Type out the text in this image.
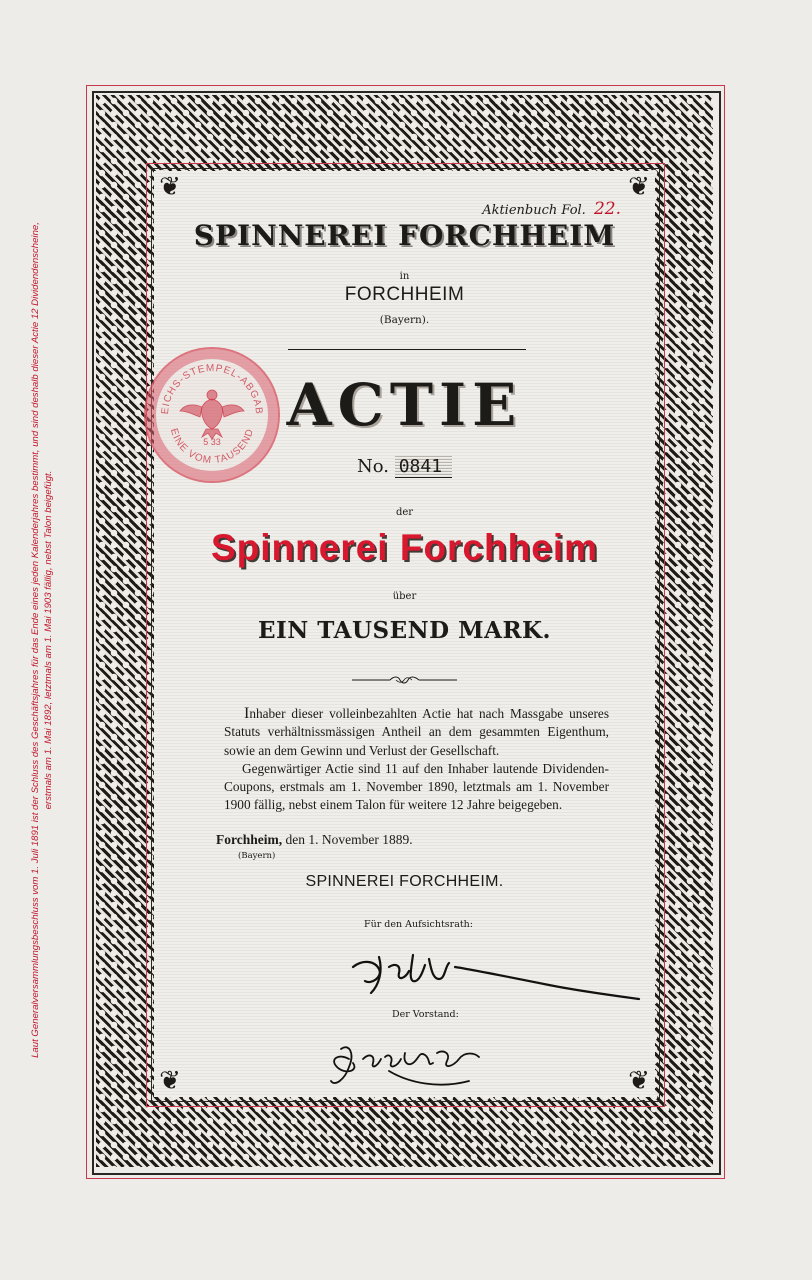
Laut Generalversammlungsbeschluss vom 1. Juli 1891 ist der Schluss des Geschäftsjahres für das Ende eines jeden Kalenderjahres bestimmt, und sind deshalb dieser Actie 12 Dividendenscheine, erstmals am 1. Mai 1892, letztmals am 1. Mai 1903 fällig, nebst Talon beigefügt.
❦	❦
❦	❦
EICHS-STEMPEL-ABGAB
EINE VOM TAUSEND
5 33
Aktienbuch Fol. 22.
SPINNEREI FORCHHEIM
in
FORCHHEIM
(Bayern).
ACTIE
No. 0841
der
Spinnerei Forchheim
über
EIN TAUSEND MARK.

Inhaber dieser volleinbezahlten Actie hat nach Massgabe unseres Statuts verhältnissmässigen Antheil an dem gesammten Eigenthum, sowie an dem Gewinn und Verlust der Gesellschaft.

Gegenwärtiger Actie sind 11 auf den Inhaber lautende Dividenden-Coupons, erstmals am 1. November 1890, letztmals am 1. November 1900 fällig, nebst einem Talon für weitere 12 Jahre beigegeben.

Forchheim, den 1. November 1889.
(Bayern)
SPINNEREI FORCHHEIM.
Für den Aufsichtsrath:
Der Vorstand:
